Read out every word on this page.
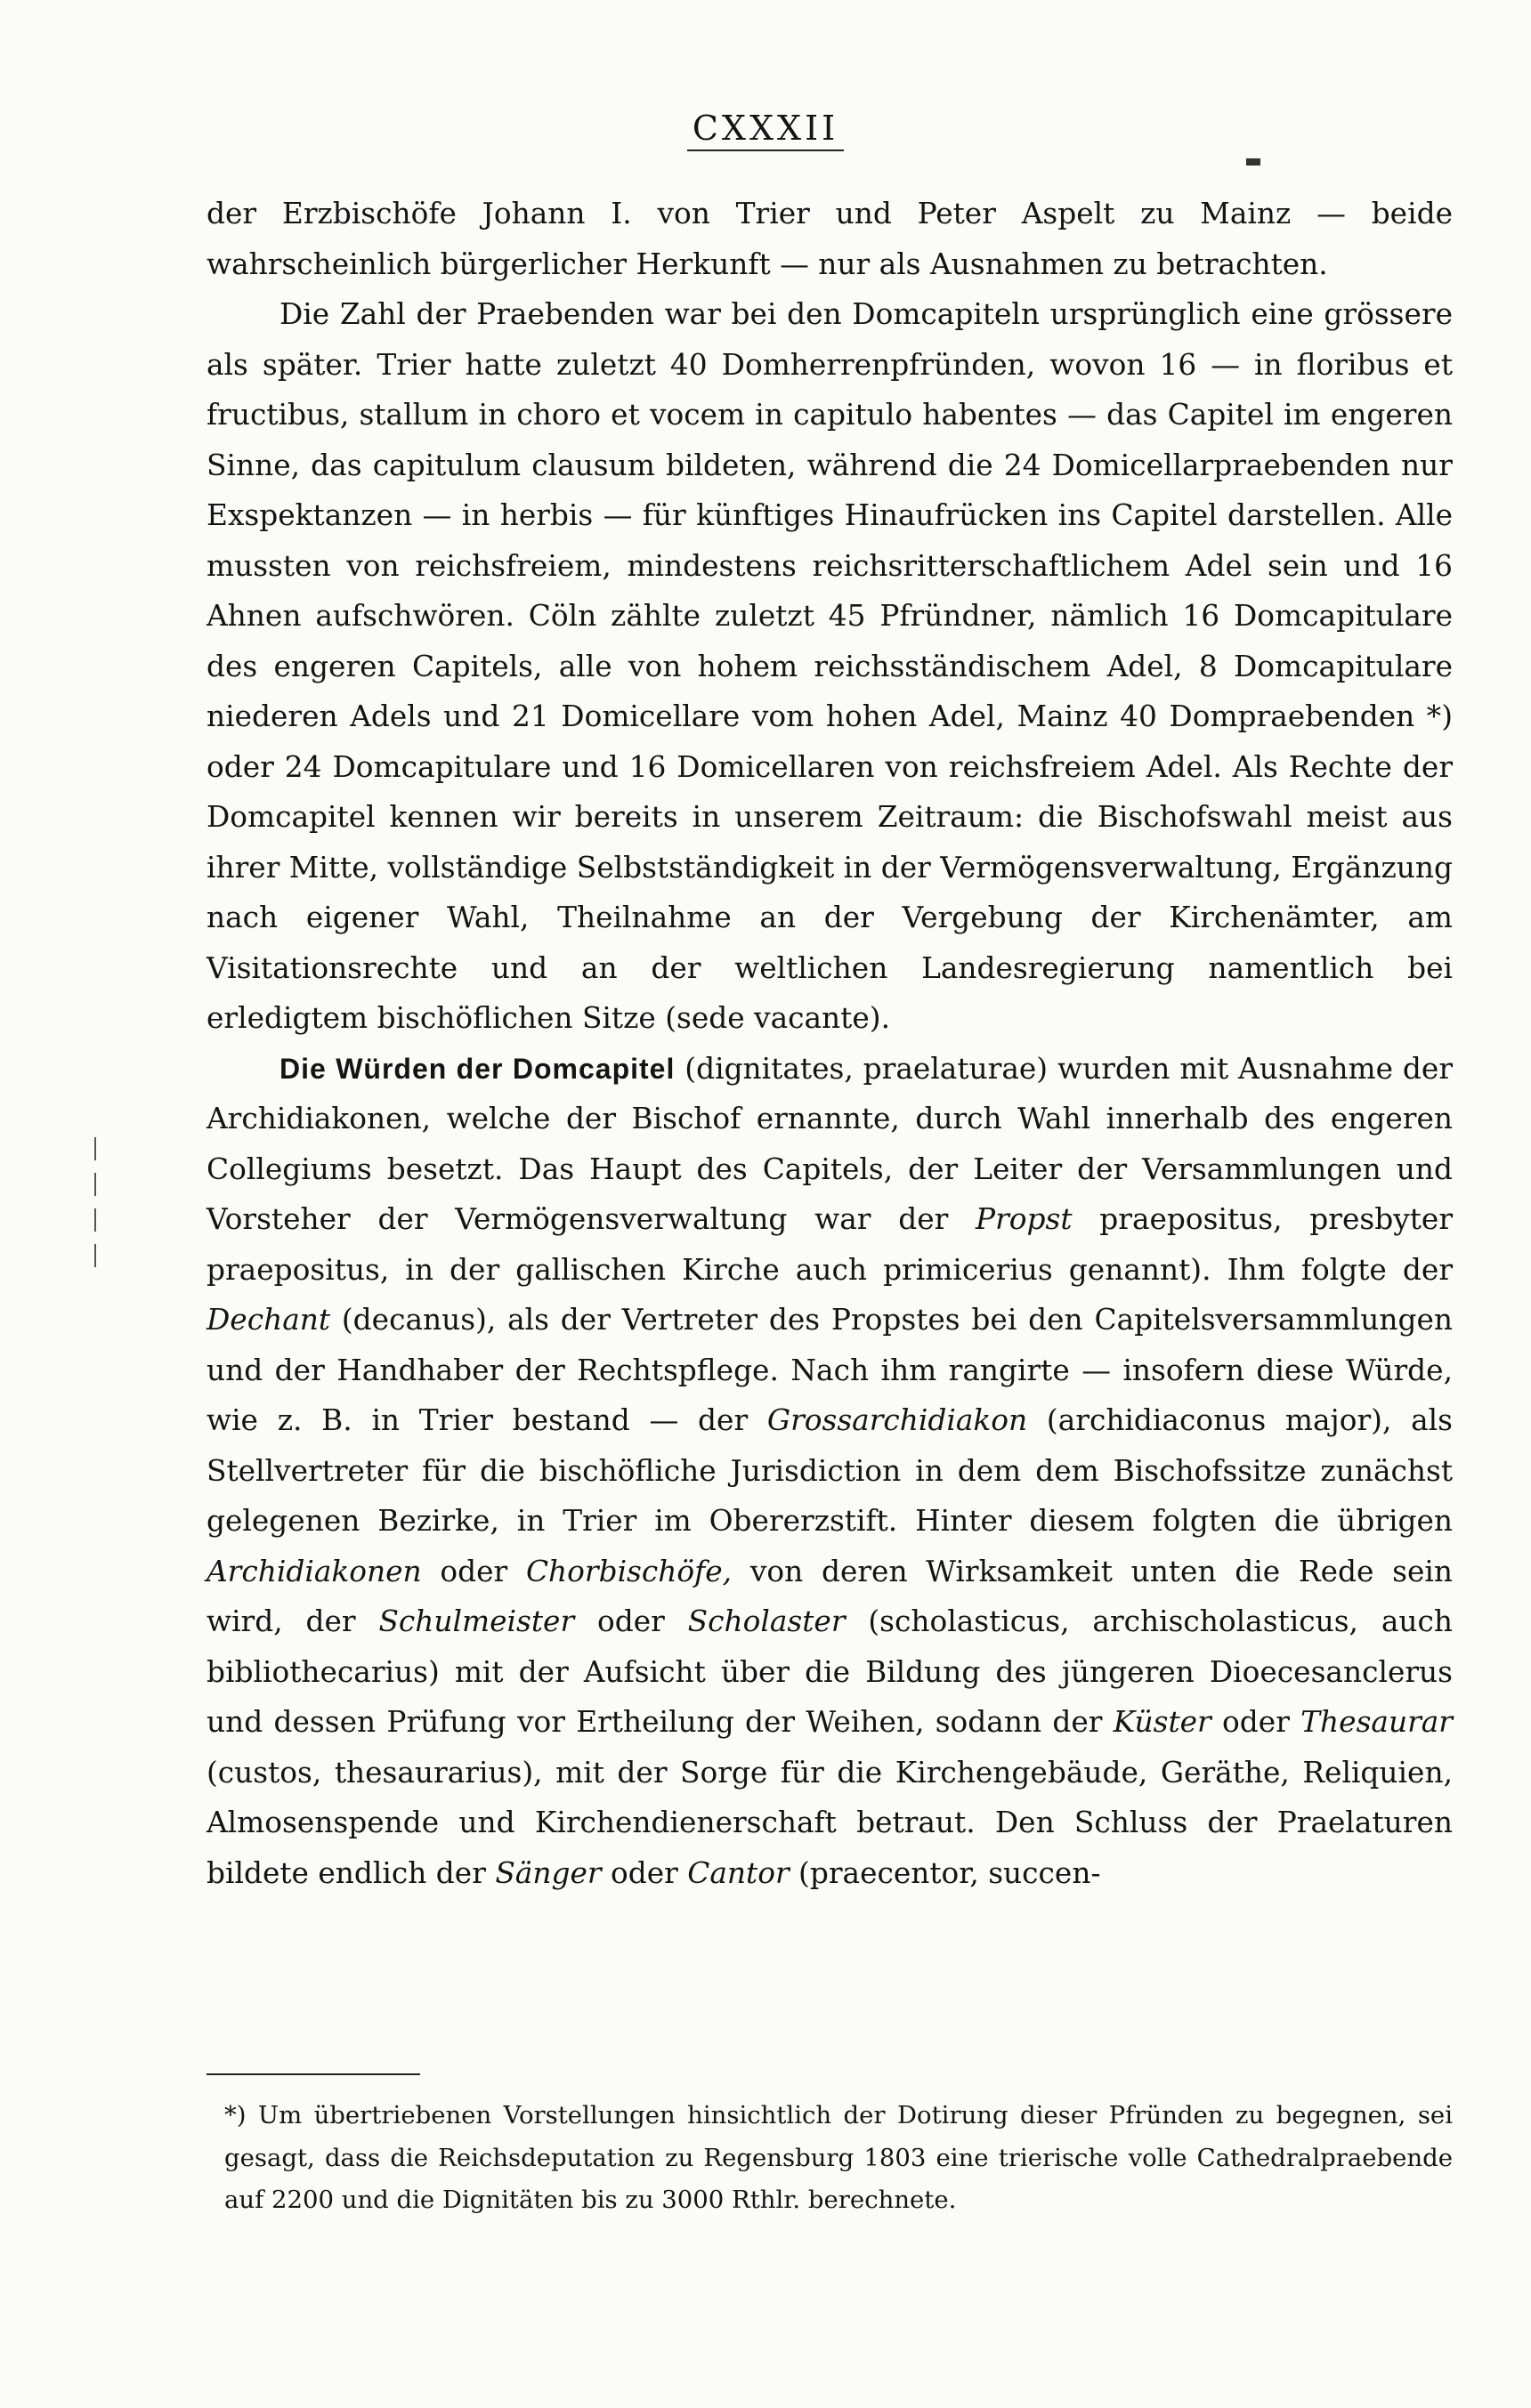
CXXXII

der Erzbischöfe Johann I. von Trier und Peter Aspelt zu Mainz — beide wahrscheinlich bürgerlicher Herkunft — nur als Ausnahmen zu betrachten.

Die Zahl der Praebenden war bei den Domcapiteln ursprünglich eine grössere als später. Trier hatte zuletzt 40 Domherrenpfründen, wovon 16 — in floribus et fructibus, stallum in choro et vocem in capitulo habentes — das Capitel im engeren Sinne, das capitulum clausum bildeten, während die 24 Domicellarpraebenden nur Exspektanzen — in herbis — für künftiges Hinaufrücken ins Capitel darstellen. Alle mussten von reichsfreiem, mindestens reichsritterschaftlichem Adel sein und 16 Ahnen aufschwören. Cöln zählte zuletzt 45 Pfründner, nämlich 16 Domcapitulare des engeren Capitels, alle von hohem reichsständischem Adel, 8 Domcapitulare niederen Adels und 21 Domicellare vom hohen Adel, Mainz 40 Dompraebenden *) oder 24 Domcapitulare und 16 Domicellaren von reichsfreiem Adel. Als Rechte der Domcapitel kennen wir bereits in unserem Zeitraum: die Bischofswahl meist aus ihrer Mitte, vollständige Selbstständigkeit in der Vermögensverwaltung, Ergänzung nach eigener Wahl, Theilnahme an der Vergebung der Kirchenämter, am Visitationsrechte und an der weltlichen Landesregierung namentlich bei erledigtem bischöflichen Sitze (sede vacante).

Die Würden der Domcapitel (dignitates, praelaturae) wurden mit Ausnahme der Archidiakonen, welche der Bischof ernannte, durch Wahl innerhalb des engeren Collegiums besetzt. Das Haupt des Capitels, der Leiter der Versammlungen und Vorsteher der Vermögensverwaltung war der Propst praepositus, presbyter praepositus, in der gallischen Kirche auch primicerius genannt). Ihm folgte der Dechant (decanus), als der Vertreter des Propstes bei den Capitelsversammlungen und der Handhaber der Rechtspflege. Nach ihm rangirte — insofern diese Würde, wie z. B. in Trier bestand — der Grossarchidiakon (archidiaconus major), als Stellvertreter für die bischöfliche Jurisdiction in dem dem Bischofssitze zunächst gelegenen Bezirke, in Trier im Obererzstift. Hinter diesem folgten die übrigen Archidiakonen oder Chorbischöfe, von deren Wirksamkeit unten die Rede sein wird, der Schulmeister oder Scholaster (scholasticus, archischolasticus, auch bibliothecarius) mit der Aufsicht über die Bildung des jüngeren Dioecesanclerus und dessen Prüfung vor Ertheilung der Weihen, sodann der Küster oder Thesaurar (custos, thesaurarius), mit der Sorge für die Kirchengebäude, Geräthe, Reliquien, Almosenspende und Kirchendienerschaft betraut. Den Schluss der Praelaturen bildete endlich der Sänger oder Cantor (praecentor, succen-

*) Um übertriebenen Vorstellungen hinsichtlich der Dotirung dieser Pfründen zu begegnen, sei gesagt, dass die Reichsdeputation zu Regensburg 1803 eine trierische volle Cathedralpraebende auf 2200 und die Dignitäten bis zu 3000 Rthlr. berechnete.
